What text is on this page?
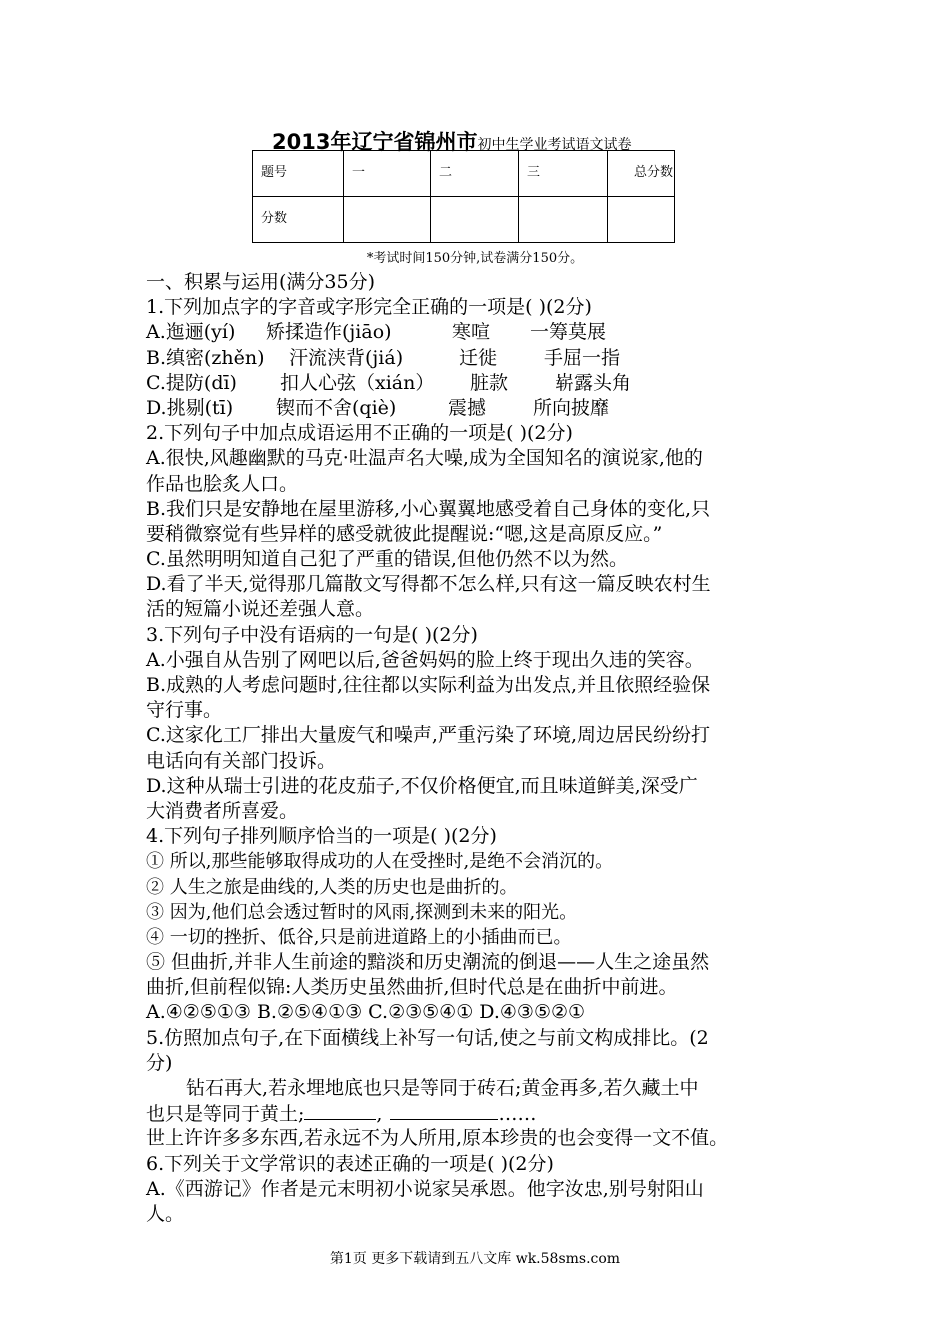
2013年辽宁省锦州市初中生学业考试语文试卷
题号	一	二	三	总分数
分数				
*考试时间150分钟,试卷满分150分。
一、积累与运用(满分35分)
1.下列加点字的字音或字形完全正确的一项是( )(2分)
A.迤逦(yí) 矫揉造作(jiāo)	寒喧 一筹莫展
B.缜密(zhěn) 汗流浃背(jiá)	迁徙 手屈一指
C.提防(dī) 扣人心弦（xián） 脏款 崭露头角
D.挑剔(tī) 锲而不舍(qiè)	震撼 所向披靡
2.下列句子中加点成语运用不正确的一项是( )(2分)
A.很快,风趣幽默的马克·吐温声名大噪,成为全国知名的演说家,他的
作品也脍炙人口。
B.我们只是安静地在屋里游移,小心翼翼地感受着自己身体的变化,只
要稍微察觉有些异样的感受就彼此提醒说:“嗯,这是高原反应。”
C.虽然明明知道自己犯了严重的错误,但他仍然不以为然。
D.看了半天,觉得那几篇散文写得都不怎么样,只有这一篇反映农村生
活的短篇小说还差强人意。
3.下列句子中没有语病的一句是( )(2分)
A.小强自从告别了网吧以后,爸爸妈妈的脸上终于现出久违的笑容。
B.成熟的人考虑问题时,往往都以实际利益为出发点,并且依照经验保
守行事。
C.这家化工厂排出大量废气和噪声,严重污染了环境,周边居民纷纷打
电话向有关部门投诉。
D.这种从瑞士引进的花皮茄子,不仅价格便宜,而且味道鲜美,深受广
大消费者所喜爱。
4.下列句子排列顺序恰当的一项是( )(2分)
① 所以,那些能够取得成功的人在受挫时,是绝不会消沉的。
② 人生之旅是曲线的,人类的历史也是曲折的。
③ 因为,他们总会透过暂时的风雨,探测到未来的阳光。
④ 一切的挫折、低谷,只是前进道路上的小插曲而已。
⑤ 但曲折,并非人生前途的黯淡和历史潮流的倒退——人生之途虽然
曲折,但前程似锦:人类历史虽然曲折,但时代总是在曲折中前进。
A.④②⑤①③ B.②⑤④①③ C.②③⑤④① D.④③⑤②①
5.仿照加点句子,在下面横线上补写一句话,使之与前文构成排比。(2
分)
钻石再大,若永埋地底也只是等同于砖石;黄金再多,若久藏土中
也只是等同于黄土;	,	……
世上许许多多东西,若永远不为人所用,原本珍贵的也会变得一文不值。
6.下列关于文学常识的表述正确的一项是( )(2分)
A.《西游记》作者是元末明初小说家吴承恩。他字汝忠,别号射阳山
人。
第1页 更多下载请到五八文库 wk.58sms.com
